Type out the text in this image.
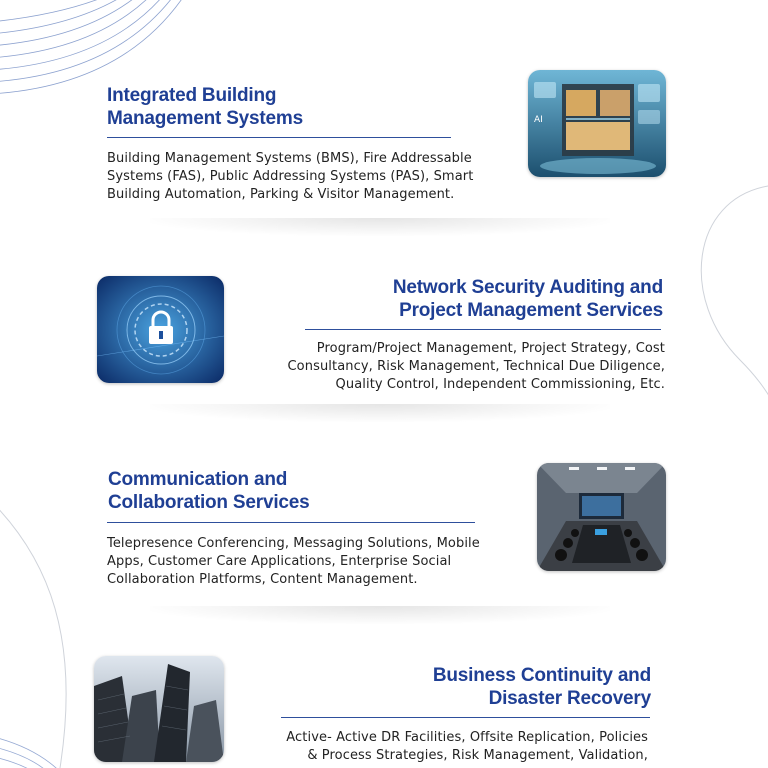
Integrated Building
Management Systems

Building Management Systems (BMS), Fire Addressable
Systems (FAS), Public Addressing Systems (PAS), Smart
Building Automation, Parking & Visitor Management.

AI
Network Security Auditing and
Project Management Services

Program/Project Management, Project Strategy, Cost
Consultancy, Risk Management, Technical Due Diligence,
Quality Control, Independent Commissioning, Etc.

Communication and
Collaboration Services

Telepresence Conferencing, Messaging Solutions, Mobile
Apps, Customer Care Applications, Enterprise Social
Collaboration Platforms, Content Management.

Business Continuity and
Disaster Recovery

Active- Active DR Facilities, Offsite Replication, Policies
& Process Strategies, Risk Management, Validation,
